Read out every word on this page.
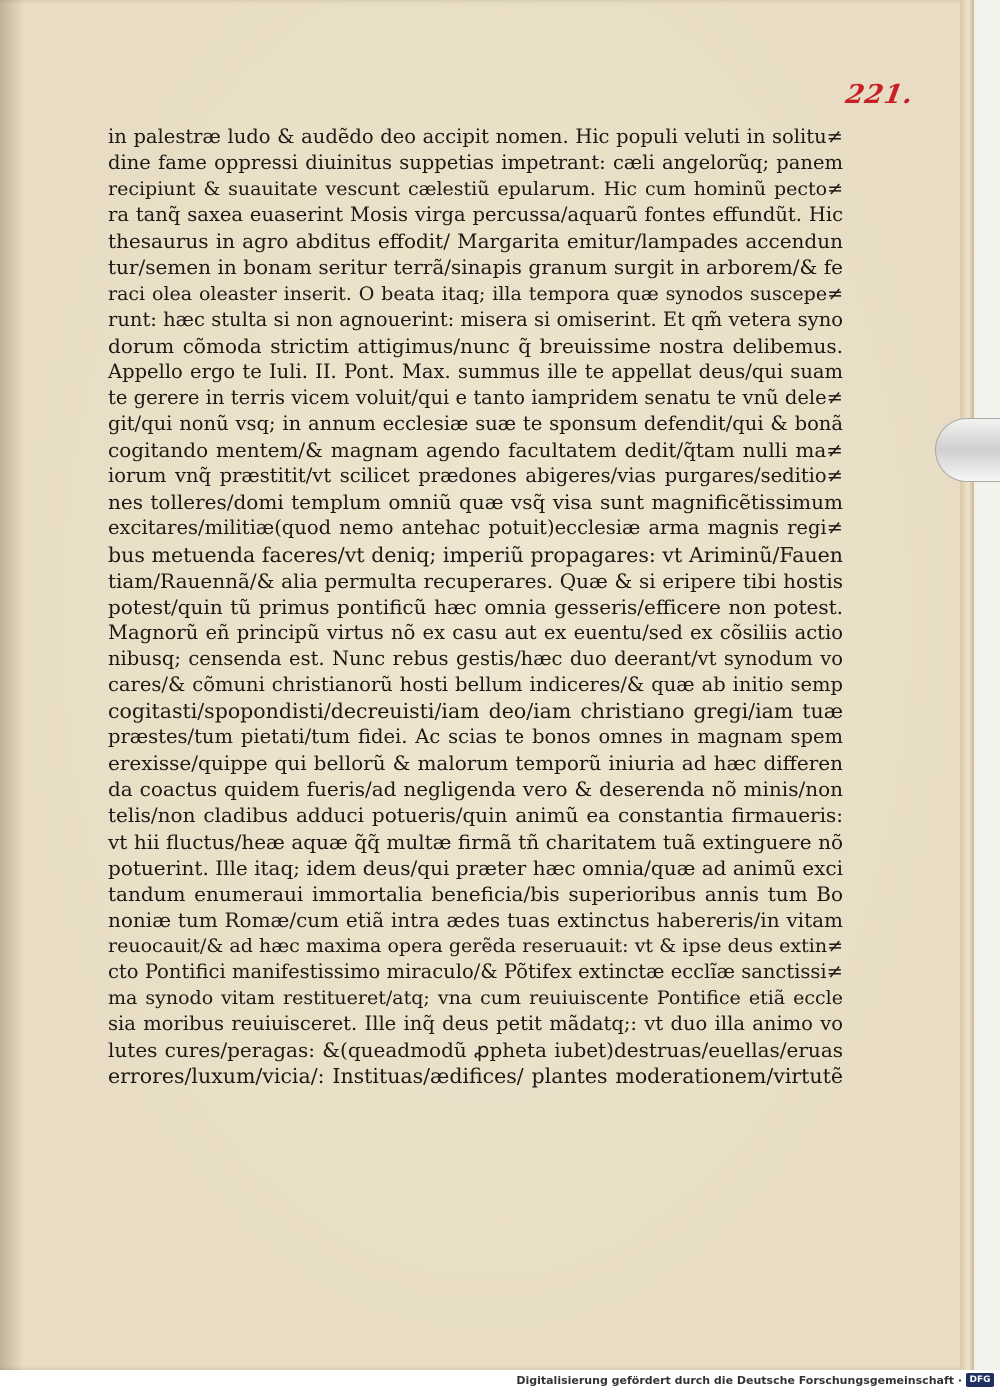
221.
in palestræ ludo & audẽdo deo accipit nomen. Hic populi veluti in solitu≠
dine fame oppressi diuinitus suppetias impetrant: cæli angelorũq; panem
recipiunt & suauitate vescunt cælestiũ epularum. Hic cum hominũ pecto≠
ra tanq̃ saxea euaserint Mosis virga percussa/aquarũ fontes effundũt. Hic
thesaurus in agro abditus effodit/ Margarita emitur/lampades accendun
tur/semen in bonam seritur terrã/sinapis granum surgit in arborem/& fe
raci olea oleaster inserit. O beata itaq; illa tempora quæ synodos suscepe≠
runt: hæc stulta si non agnouerint: misera si omiserint. Et qm̃ vetera syno
dorum cõmoda strictim attigimus/nunc q̃ breuissime nostra delibemus.
Appello ergo te Iuli. II. Pont. Max. summus ille te appellat deus/qui suam
te gerere in terris vicem voluit/qui e tanto iampridem senatu te vnũ dele≠
git/qui nonũ vsq; in annum ecclesiæ suæ te sponsum defendit/qui & bonã
cogitando mentem/& magnam agendo facultatem dedit/q̃tam nulli ma≠
iorum vnq̃ præstitit/vt scilicet prædones abigeres/vias purgares/seditio≠
nes tolleres/domi templum omniũ quæ vsq̃ visa sunt magnificẽtissimum
excitares/militiæ(quod nemo antehac potuit)ecclesiæ arma magnis regi≠
bus metuenda faceres/vt deniq; imperiũ propagares: vt Ariminũ/Fauen
tiam/Rauennã/& alia permulta recuperares. Quæ & si eripere tibi hostis
potest/quin tũ primus pontificũ hæc omnia gesseris/efficere non potest.
Magnorũ eñ principũ virtus nõ ex casu aut ex euentu/sed ex cõsiliis actio
nibusq; censenda est. Nunc rebus gestis/hæc duo deerant/vt synodum vo
cares/& cõmuni christianorũ hosti bellum indiceres/& quæ ab initio semp
cogitasti/spopondisti/decreuisti/iam deo/iam christiano gregi/iam tuæ
præstes/tum pietati/tum fidei. Ac scias te bonos omnes in magnam spem
erexisse/quippe qui bellorũ & malorum temporũ iniuria ad hæc differen
da coactus quidem fueris/ad negligenda vero & deserenda nõ minis/non
telis/non cladibus adduci potueris/quin animũ ea constantia firmaueris:
vt hii fluctus/heæ aquæ q̃q̃ multæ firmã tñ charitatem tuã extinguere nõ
potuerint. Ille itaq; idem deus/qui præter hæc omnia/quæ ad animũ exci
tandum enumeraui immortalia beneficia/bis superioribus annis tum Bo
noniæ tum Romæ/cum etiã intra ædes tuas extinctus habereris/in vitam
reuocauit/& ad hæc maxima opera gerẽda reseruauit: vt & ipse deus extin≠
cto Pontifici manifestissimo miraculo/& Põtifex extinctæ ecclĩæ sanctissi≠
ma synodo vitam restitueret/atq; vna cum reuiuiscente Pontifice etiã eccle
sia moribus reuiuisceret. Ille inq̃ deus petit mãdatq;: vt duo illa animo vo
lutes cures/peragas: &(queadmodũ ꝓpheta iubet)destruas/euellas/eruas
errores/luxum/vicia/: Instituas/ædifices/ plantes moderationem/virtutẽ
Digitalisierung gefördert durch die Deutsche Forschungsgemeinschaft · DFG
